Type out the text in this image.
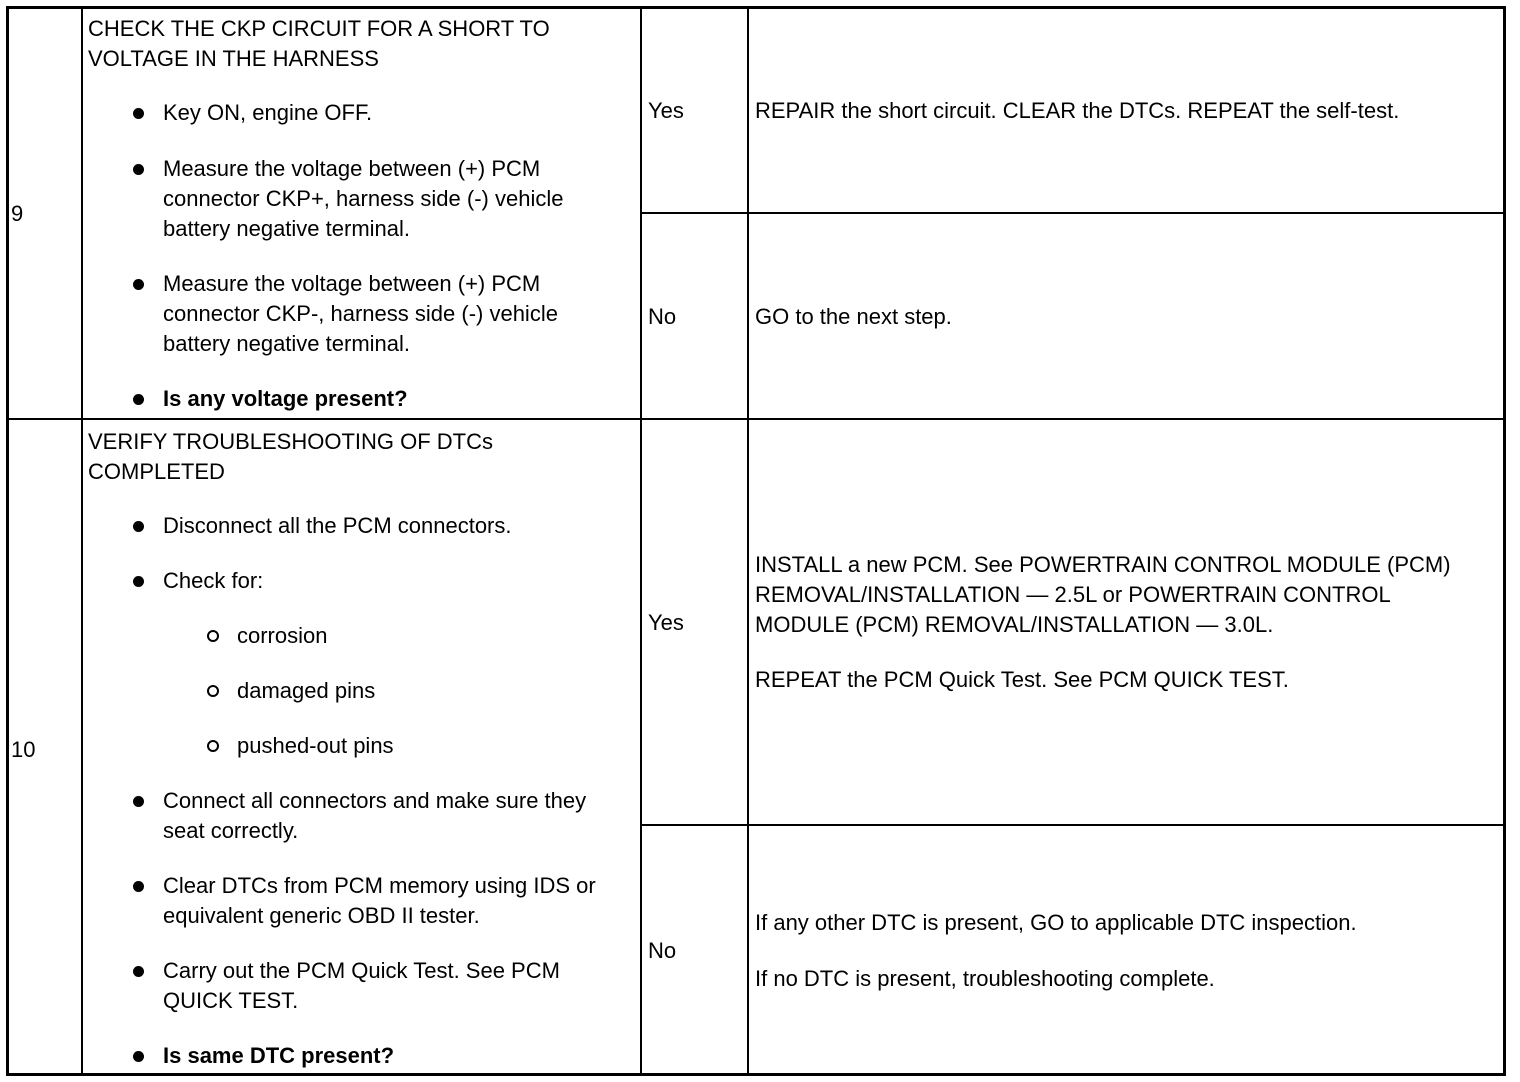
9
CHECK THE CKP CIRCUIT FOR A SHORT TO VOLTAGE IN THE HARNESS
Key ON, engine OFF.
Measure the voltage between (+) PCM connector CKP+, harness side (-) vehicle battery negative terminal.
Measure the voltage between (+) PCM connector CKP-, harness side (-) vehicle battery negative terminal.
Is any voltage present?
Yes	REPAIR the short circuit. CLEAR the DTCs. REPEAT the self-test.
No	GO to the next step.
10
VERIFY TROUBLESHOOTING OF DTCs COMPLETED
Disconnect all the PCM connectors.
Check for:
corrosion
damaged pins
pushed-out pins
Connect all connectors and make sure they seat correctly.
Clear DTCs from PCM memory using IDS or equivalent generic OBD II tester.
Carry out the PCM Quick Test. See PCM QUICK TEST.
Is same DTC present?
Yes
INSTALL a new PCM. See POWERTRAIN CONTROL MODULE (PCM) REMOVAL/INSTALLATION — 2.5L or POWERTRAIN CONTROL MODULE (PCM) REMOVAL/INSTALLATION — 3.0L.
REPEAT the PCM Quick Test. See PCM QUICK TEST.
No
If any other DTC is present, GO to applicable DTC inspection.
If no DTC is present, troubleshooting complete.
